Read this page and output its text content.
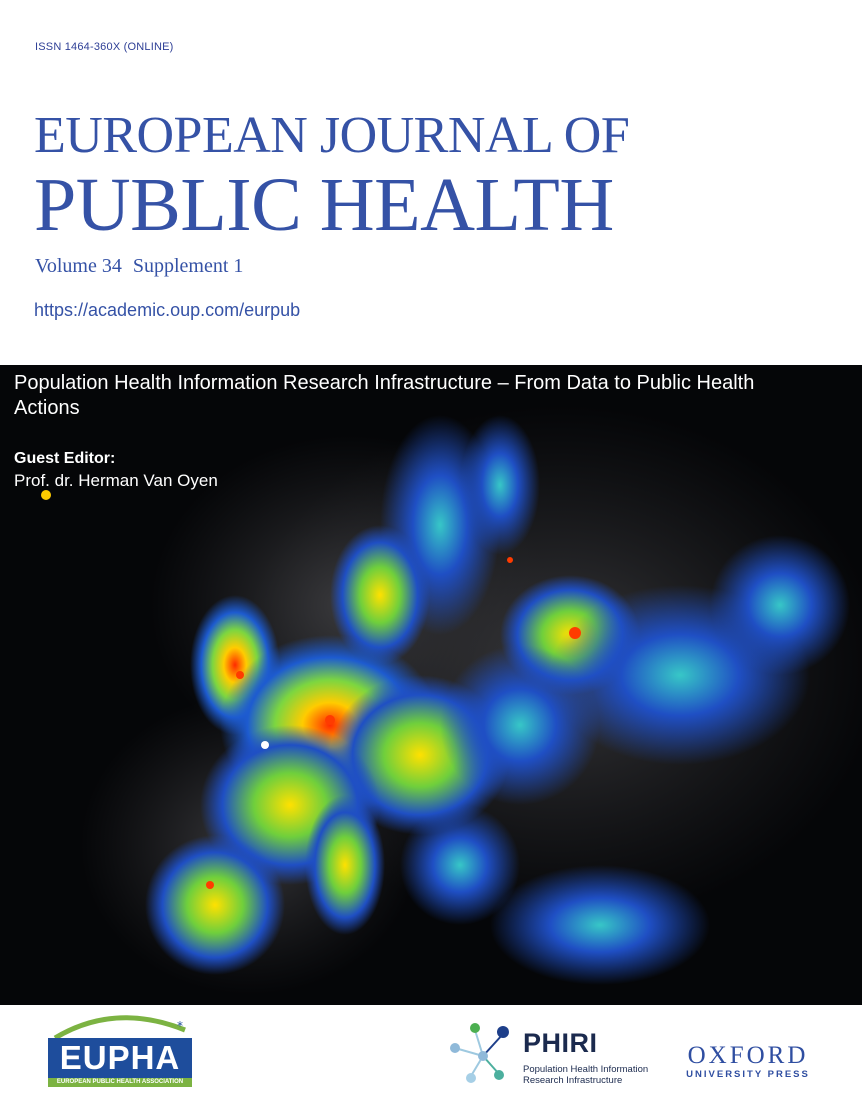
ISSN 1464-360X (ONLINE)
EUROPEAN JOURNAL OF
PUBLIC HEALTH
Volume 34 Supplement 1
https://academic.oup.com/eurpub
Population Health Information Research Infrastructure – From Data to Public Health Actions
Guest Editor:
Prof. dr. Herman Van Oyen
*
EUPHA
EUROPEAN PUBLIC HEALTH ASSOCIATION
PHIRI
Population Health Information
Research Infrastructure
OXFORD
UNIVERSITY PRESS
